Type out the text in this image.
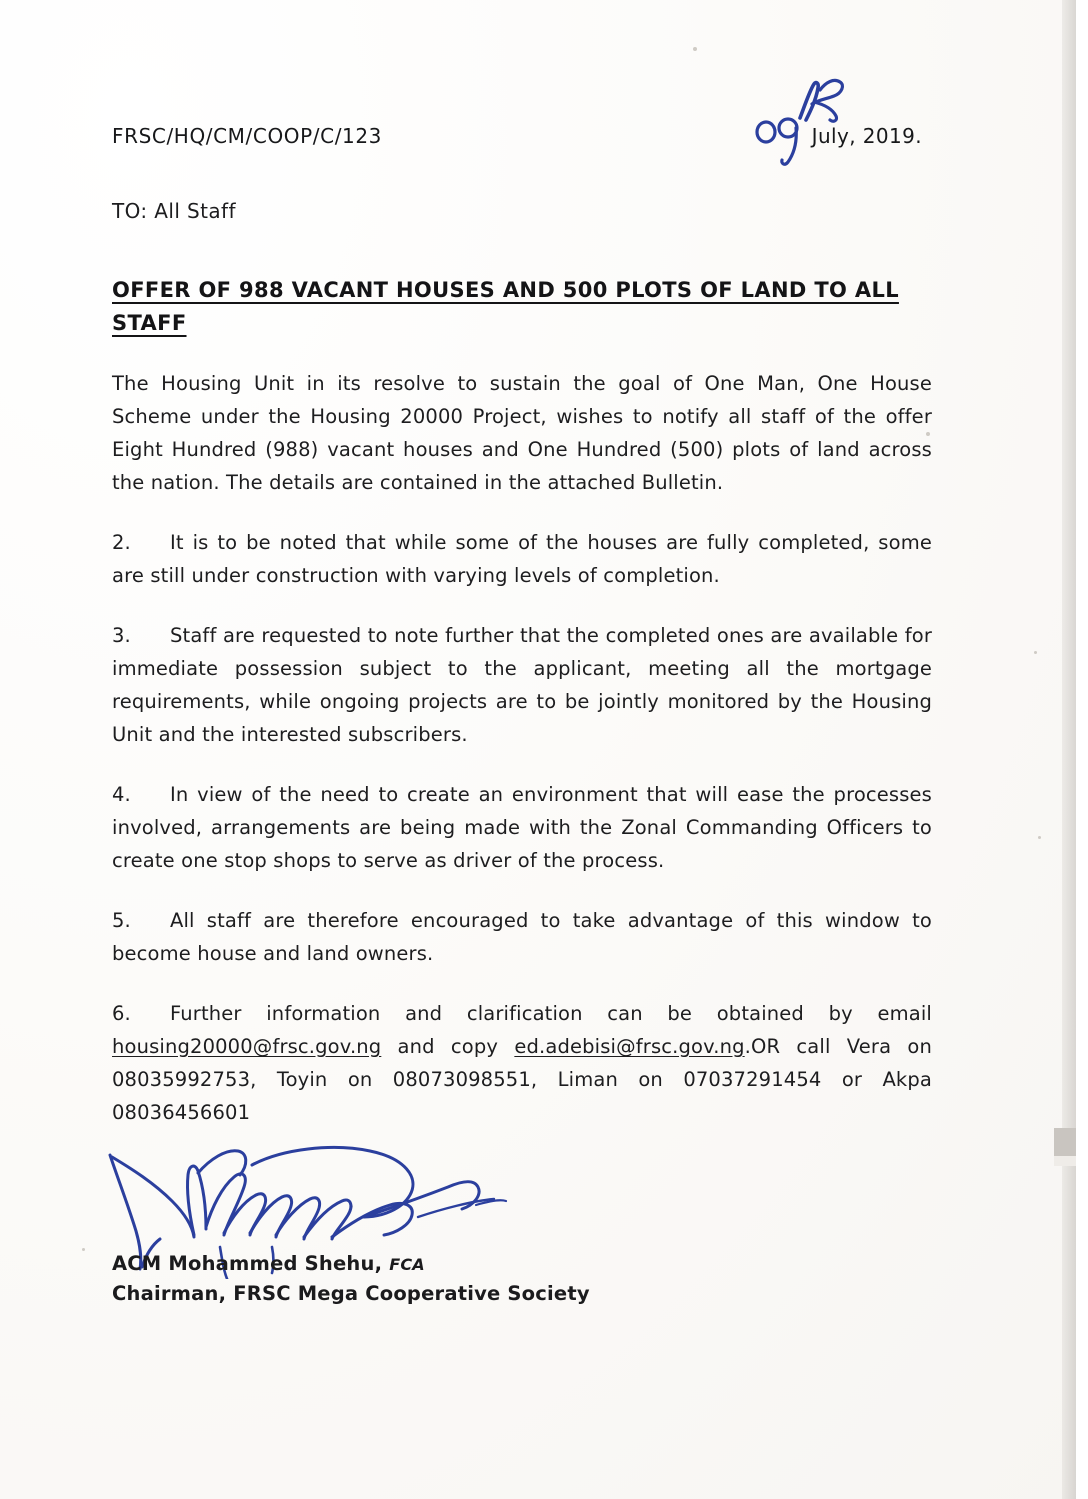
FRSC/HQ/CM/COOP/C/123	July, 2019.
TO: All Staff
OFFER OF 988 VACANT HOUSES AND 500 PLOTS OF LAND TO ALL STAFF
The Housing Unit in its resolve to sustain the goal of One Man, One House Scheme under the Housing 20000 Project, wishes to notify all staff of the offer Eight Hundred (988) vacant houses and One Hundred (500) plots of land across the nation. The details are contained in the attached Bulletin.
2. It is to be noted that while some of the houses are fully completed, some are still under construction with varying levels of completion.
3. Staff are requested to note further that the completed ones are available for immediate possession subject to the applicant, meeting all the mortgage requirements, while ongoing projects are to be jointly monitored by the Housing Unit and the interested subscribers.
4. In view of the need to create an environment that will ease the processes involved, arrangements are being made with the Zonal Commanding Officers to create one stop shops to serve as driver of the process.
5. All staff are therefore encouraged to take advantage of this window to become house and land owners.
6. Further information and clarification can be obtained by email housing20000@frsc.gov.ng and copy ed.adebisi@frsc.gov.ng.OR call Vera on 08035992753, Toyin on 08073098551, Liman on 07037291454 or Akpa 08036456601
ACM Mohammed Shehu, FCA
Chairman, FRSC Mega Cooperative Society
